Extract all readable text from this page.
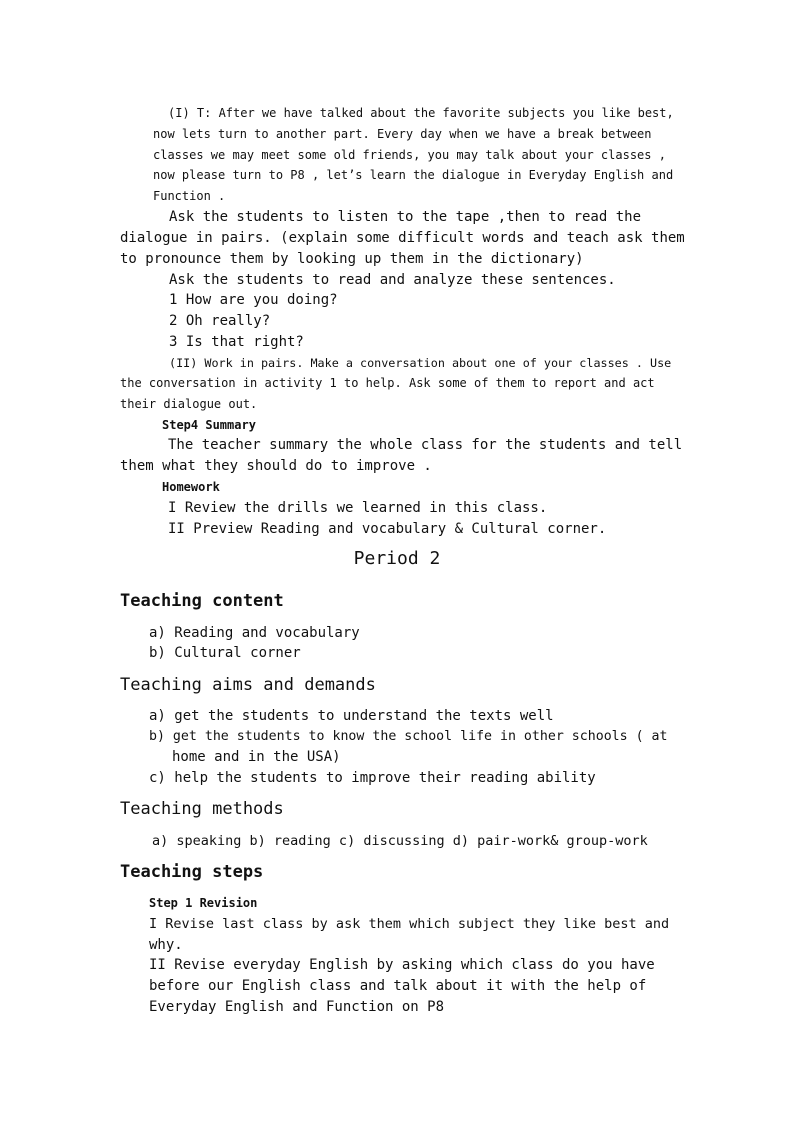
(I) T: After we have talked about the favorite subjects you like best,
now lets turn to another part. Every day when we have a break between
classes we may meet some old friends, you may talk about your classes ,
now please turn to P8 , let’s learn the dialogue in Everyday English and
Function .
Ask the students to listen to the tape ,then to read the
dialogue in pairs. (explain some difficult words and teach ask them
to pronounce them by looking up them in the dictionary)
Ask the students to read and analyze these sentences.
1 How are you doing?
2 Oh really?
3 Is that right?
(II) Work in pairs. Make a conversation about one of your classes . Use
the conversation in activity 1 to help. Ask some of them to report and act
their dialogue out.
Step4 Summary
The teacher summary the whole class for the students and tell
them what they should do to improve .
Homework
I Review the drills we learned in this class.
II Preview Reading and vocabulary & Cultural corner.
Period 2
Teaching content
a) Reading and vocabulary
b) Cultural corner
Teaching aims and demands
a) get the students to understand the texts well
b) get the students to know the school life in other schools ( at
home and in the USA)
c) help the students to improve their reading ability
Teaching methods
a) speaking b) reading c) discussing d) pair-work& group-work
Teaching steps
Step 1 Revision
I Revise last class by ask them which subject they like best and
why.
II Revise everyday English by asking which class do you have
before our English class and talk about it with the help of
Everyday English and Function on P8
